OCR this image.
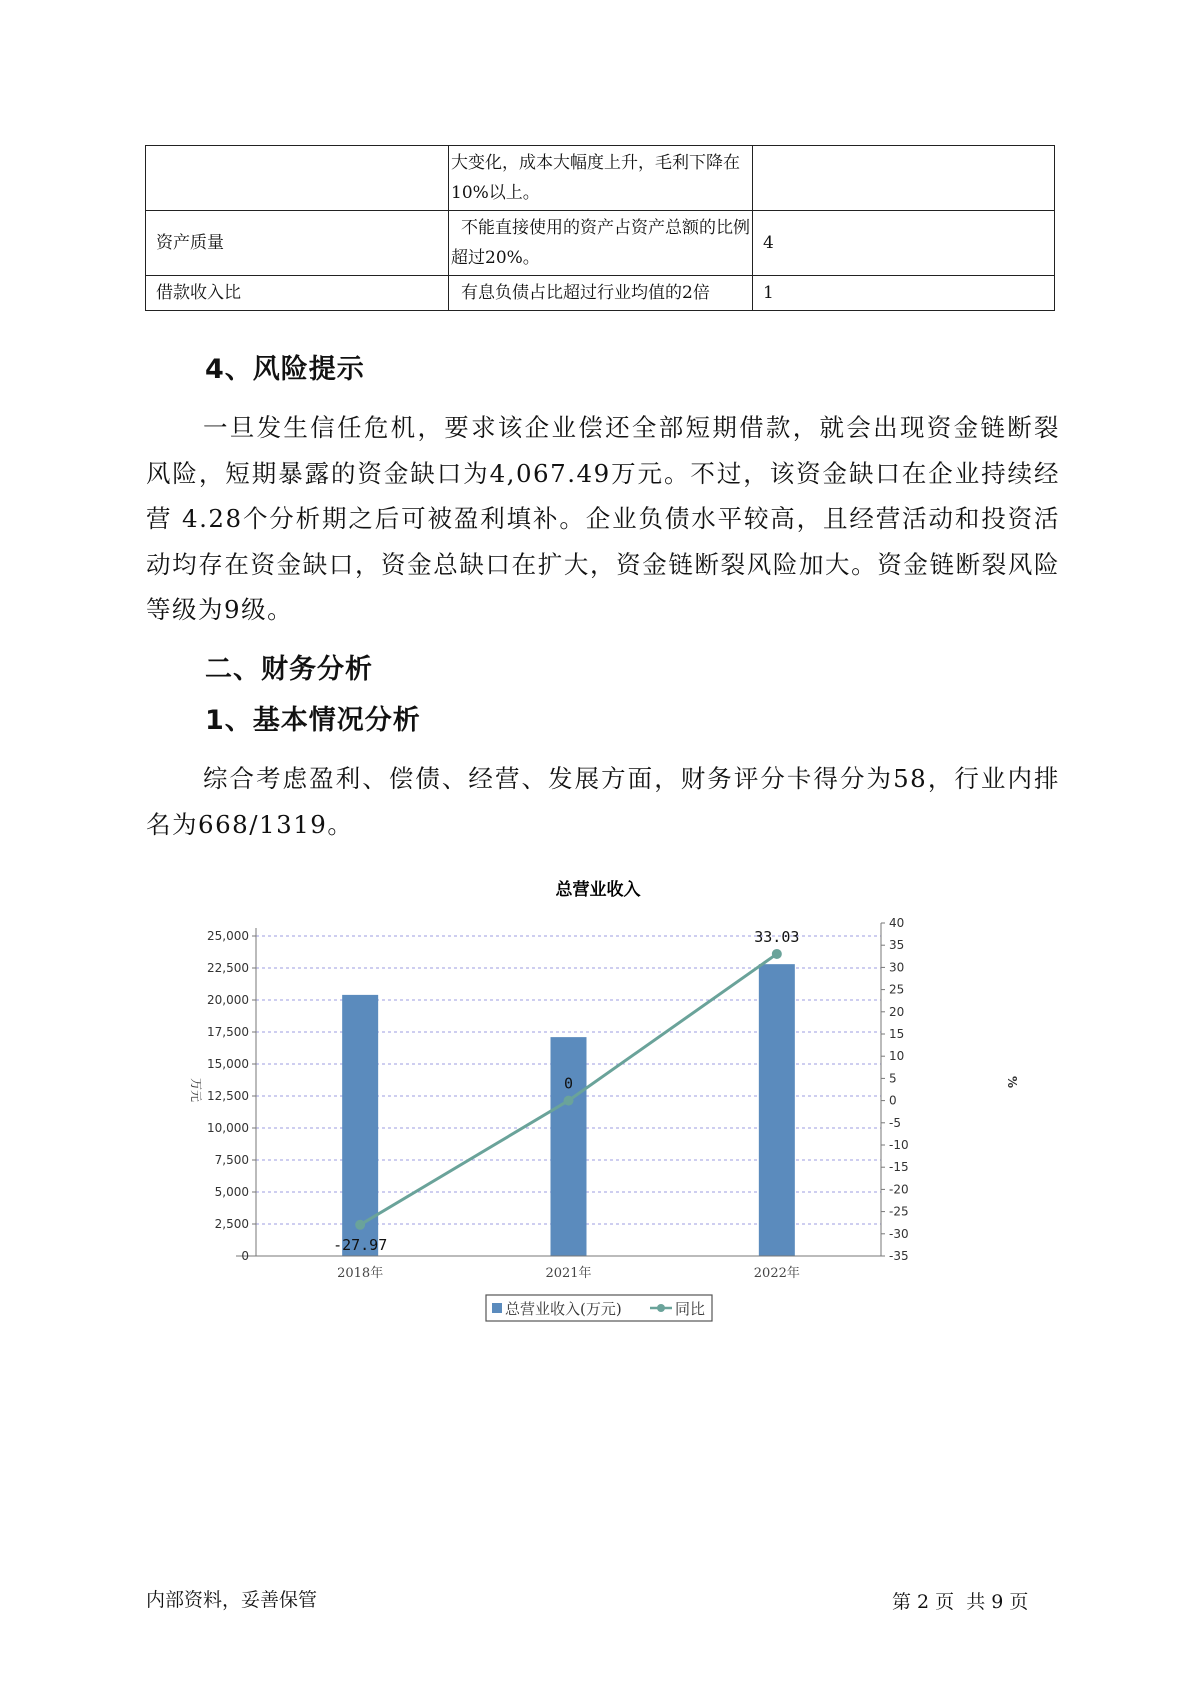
	大变化，成本大幅度上升，毛利下降在10%以上。	
资产质量	不能直接使用的资产占资产总额的比例超过20%。	4
借款收入比	有息负债占比超过行业均值的2倍	1
4、风险提示

一旦发生信任危机，要求该企业偿还全部短期借款，就会出现资金链断裂风险，短期暴露的资金缺口为4,067.49万元。不过，该资金缺口在企业持续经营 4.28个分析期之后可被盈利填补。企业负债水平较高，且经营活动和投资活动均存在资金缺口，资金总缺口在扩大，资金链断裂风险加大。资金链断裂风险等级为9级。

二、财务分析
1、基本情况分析

综合考虑盈利、偿债、经营、发展方面，财务评分卡得分为58，行业内排名为668/1319。

总营业收入
-27.97
0
33.03
0
2,500
5,000
7,500
10,000
12,500
15,000
17,500
20,000
22,500
25,000
-35
-30
-25
-20
-15
-10
-5
0
5
10
15
20
25
30
35
40
2018年	2021年	2022年
万元	%
总营业收入(万元)	同比

内部资料，妥善保管	第 2 页  共 9 页
